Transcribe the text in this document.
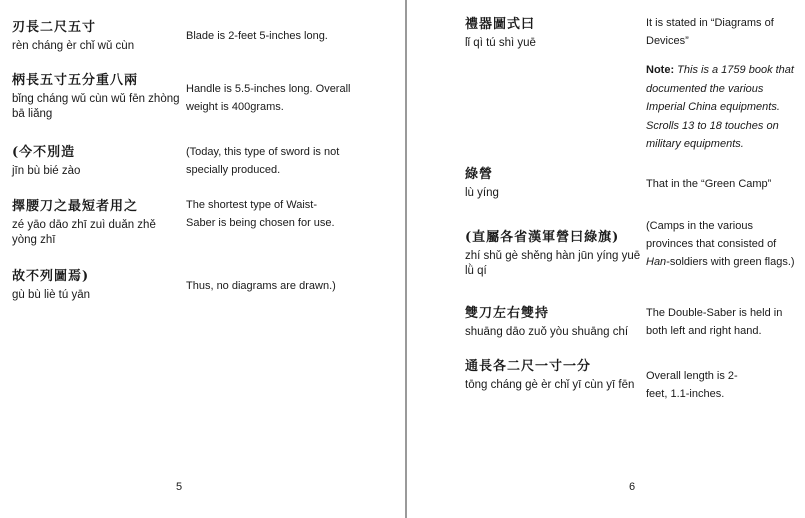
刃長二尺五寸
rèn cháng èr chǐ wǔ cùn
Blade is 2-feet 5-inches long.
柄長五寸五分重八兩
bǐng cháng wǔ cùn wǔ fēn zhòng bā liǎng
Handle is 5.5-inches long. Overall weight is 400grams.
(今不別造
jīn bù bié zào
(Today, this type of sword is not specially produced.
擇腰刀之最短者用之
zé yāo dāo zhī zuì duǎn zhě yòng zhī
The shortest type of Waist-Saber is being chosen for use.
故不列圖焉)
gù bù liè tú yān
Thus, no diagrams are drawn.)
5
禮器圖式曰
lǐ qì tú shì yuē
It is stated in “Diagrams of Devices”
Note: This is a 1759 book that documented the various Imperial China equipments. Scrolls 13 to 18 touches on military equipments.
綠營
lù yíng
That in the “Green Camp”
(直屬各省漢軍營曰綠旗)
zhí shǔ gè shěng hàn jūn yíng yuē lǜ qí
(Camps in the various provinces that consisted of Han-soldiers with green flags.)
雙刀左右雙持
shuāng dāo zuǒ yòu shuāng chí
The Double-Saber is held in both left and right hand.
通長各二尺一寸一分
tōng cháng gè èr chǐ yī cùn yī fēn
Overall length is 2-feet, 1.1-inches.
6
